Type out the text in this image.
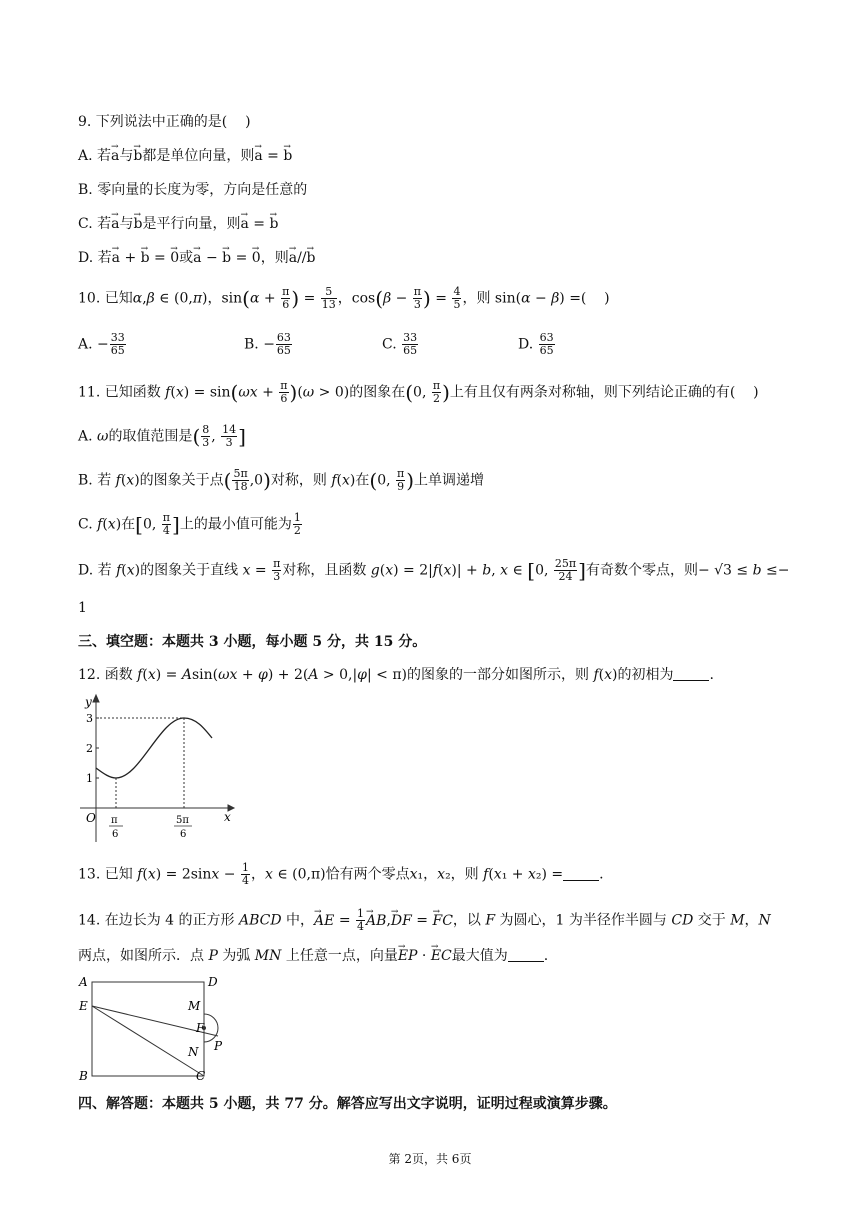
9. 下列说法中正确的是(    )
A. 若→ a与→ b都是单位向量，则→ a = → b
B. 零向量的长度为零，方向是任意的
C. 若→ a与→ b是平行向量，则→ a = → b
D. 若→ a + → b = → 0或→ a − → b = → 0，则→ a//→ b
10. 已知α,β ∈ (0,π)，$\sin(\alpha + \frac{\pi}{6}$ ) = $\frac{5}{13}$ ，$\cos(\beta - \frac{\pi}{3}$ ) = $\frac{4}{5}$ ，则 sin(α − β) =(    )
A. − $\frac{33}{65}$	B. − $\frac{63}{65}$	C. $\frac{33}{65}$	D. $\frac{63}{65}$
11. 已知函数 $f(x) = \sin(\omega x + \frac{\pi}{6} )(\omega > 0)$的图象在(0, $\frac{\pi}{2}$ )上有且仅有两条对称轴，则下列结论正确的有(    )
A. ω的取值范围是( $\frac{8}{3}$ , $\frac{14}{3}$ ]
B. 若 f(x)的图象关于点( $\frac{5\pi}{18} ,0$)对称，则 f(x)在(0, $\frac{\pi}{9}$ )上单调递增
C. f(x)在[0, $\frac{\pi}{4}$ ]上的最小值可能为 $\frac{1}{2}$
D. 若 f(x)的图象关于直线 $x = \frac{\pi}{3}$ 对称，且函数 g(x) = 2|f(x)| + b, x ∈ [0, $\frac{25\pi}{24}$ ]有奇数个零点，则− √3 ≤ b ≤−
1
三、填空题：本题共 3 小题，每小题 5 分，共 15 分。
12. 函数 f(x) = Asin(ωx + φ) + 2(A > 0,|φ| < π)的图象的一部分如图所示，则 f(x)的初相为	.
y
3
2
1
O	x
π
6
5π
6
13. 已知 $f(x) = 2\sin x - \frac{1}{4}$ ，x ∈ (0,π)恰有两个零点x₁，x₂，则 f(x₁ + x₂) =	.
14. 在边长为 4 的正方形 ABCD 中，→ AE = $\frac{1}{4}$
→ AB,→ DF = → FC，以 F 为圆心，1 为半径作半圆与 CD 交于 M，N
两点，如图所示．点 P 为弧 MN 上任意一点，向量→ EP · → EC最大值为	.
A	D
E	M
F
N P
B	C
四、解答题：本题共 5 小题，共 77 分。解答应写出文字说明，证明过程或演算步骤。
第 2页，共 6页
